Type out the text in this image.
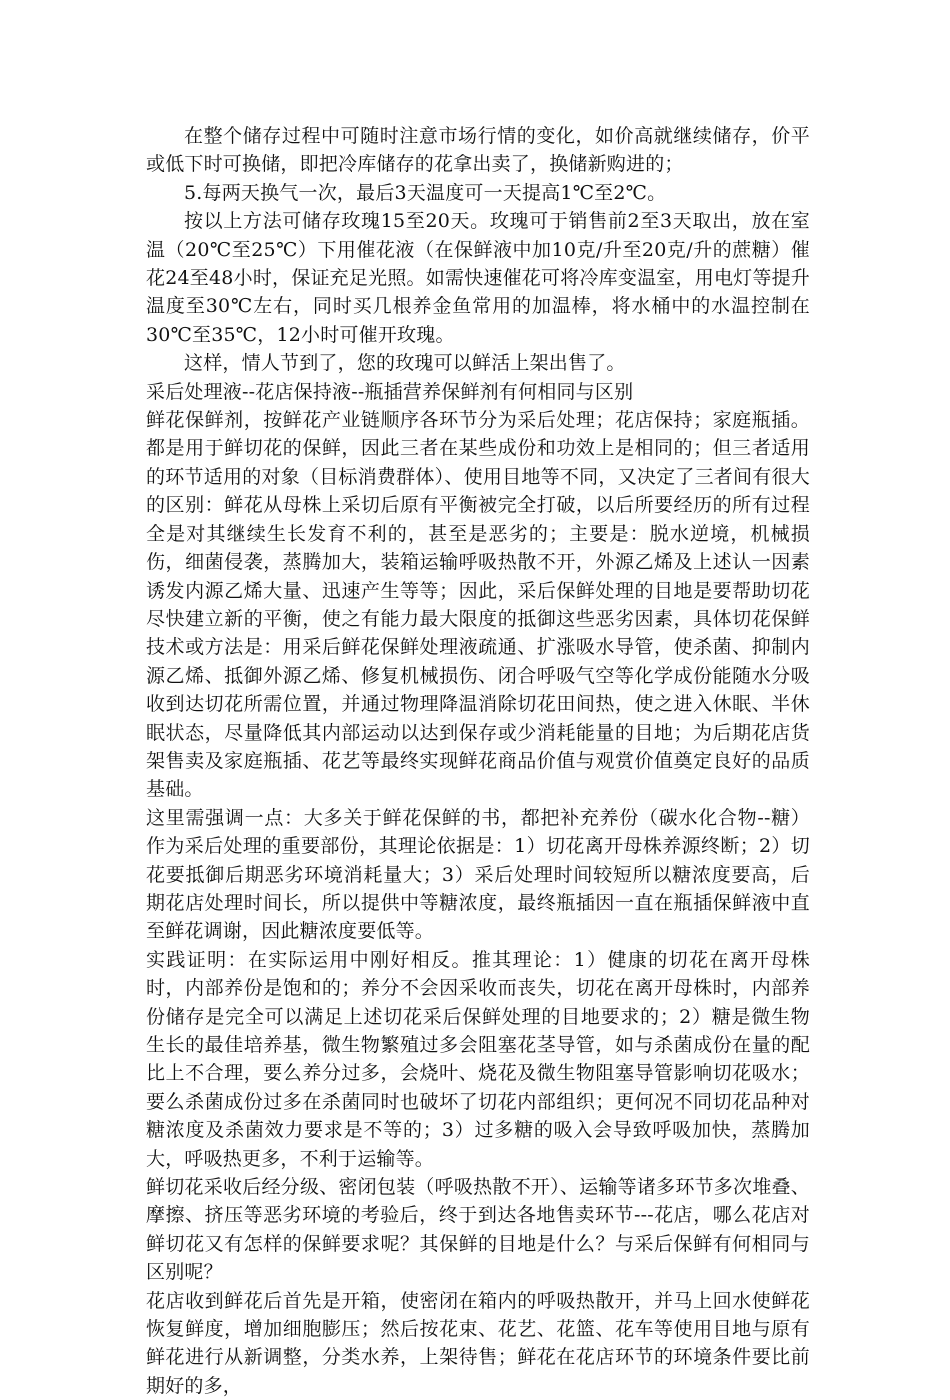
在整个储存过程中可随时注意市场行情的变化，如价高就继续储存，价平或低下时可换储，即把冷库储存的花拿出卖了，换储新购进的；

5.每两天换气一次，最后3天温度可一天提高1℃至2℃。

按以上方法可储存玫瑰15至20天。玫瑰可于销售前2至3天取出，放在室温（20℃至25℃）下用催花液（在保鲜液中加10克/升至20克/升的蔗糖）催花24至48小时，保证充足光照。如需快速催花可将冷库变温室，用电灯等提升温度至30℃左右，同时买几根养金鱼常用的加温棒，将水桶中的水温控制在30℃至35℃，12小时可催开玫瑰。

这样，情人节到了，您的玫瑰可以鲜活上架出售了。

采后处理液--花店保持液--瓶插营养保鲜剂有何相同与区别

鲜花保鲜剂，按鲜花产业链顺序各环节分为采后处理；花店保持；家庭瓶插。都是用于鲜切花的保鲜，因此三者在某些成份和功效上是相同的；但三者适用的环节适用的对象（目标消费群体）、使用目地等不同，又决定了三者间有很大的区别：鲜花从母株上采切后原有平衡被完全打破，以后所要经历的所有过程全是对其继续生长发育不利的，甚至是恶劣的；主要是：脱水逆境，机械损伤，细菌侵袭，蒸腾加大，装箱运输呼吸热散不开，外源乙烯及上述认一因素诱发内源乙烯大量、迅速产生等等；因此，采后保鲜处理的目地是要帮助切花尽快建立新的平衡，使之有能力最大限度的抵御这些恶劣因素，具体切花保鲜技术或方法是：用采后鲜花保鲜处理液疏通、扩涨吸水导管，使杀菌、抑制内源乙烯、抵御外源乙烯、修复机械损伤、闭合呼吸气空等化学成份能随水分吸收到达切花所需位置，并通过物理降温消除切花田间热，使之进入休眠、半休眠状态，尽量降低其内部运动以达到保存或少消耗能量的目地；为后期花店货架售卖及家庭瓶插、花艺等最终实现鲜花商品价值与观赏价值奠定良好的品质基础。

这里需强调一点：大多关于鲜花保鲜的书，都把补充养份（碳水化合物--糖）作为采后处理的重要部份，其理论依据是：1）切花离开母株养源终断；2）切花要抵御后期恶劣环境消耗量大；3）采后处理时间较短所以糖浓度要高，后期花店处理时间长，所以提供中等糖浓度，最终瓶插因一直在瓶插保鲜液中直至鲜花调谢，因此糖浓度要低等。

实践证明：在实际运用中刚好相反。推其理论：1）健康的切花在离开母株时，内部养份是饱和的；养分不会因采收而丧失，切花在离开母株时，内部养份储存是完全可以满足上述切花采后保鲜处理的目地要求的；2）糖是微生物生长的最佳培养基，微生物繁殖过多会阻塞花茎导管，如与杀菌成份在量的配比上不合理，要么养分过多，会烧叶、烧花及微生物阻塞导管影响切花吸水；要么杀菌成份过多在杀菌同时也破坏了切花内部组织；更何况不同切花品种对糖浓度及杀菌效力要求是不等的；3）过多糖的吸入会导致呼吸加快，蒸腾加大，呼吸热更多，不利于运输等。

鲜切花采收后经分级、密闭包装（呼吸热散不开）、运输等诸多环节多次堆叠、摩擦、挤压等恶劣环境的考验后，终于到达各地售卖环节---花店，哪么花店对鲜切花又有怎样的保鲜要求呢？其保鲜的目地是什么？与采后保鲜有何相同与区别呢？

花店收到鲜花后首先是开箱，使密闭在箱内的呼吸热散开，并马上回水使鲜花恢复鲜度，增加细胞膨压；然后按花束、花艺、花篮、花车等使用目地与原有鲜花进行从新调整，分类水养，上架待售；鲜花在花店环节的环境条件要比前期好的多，
